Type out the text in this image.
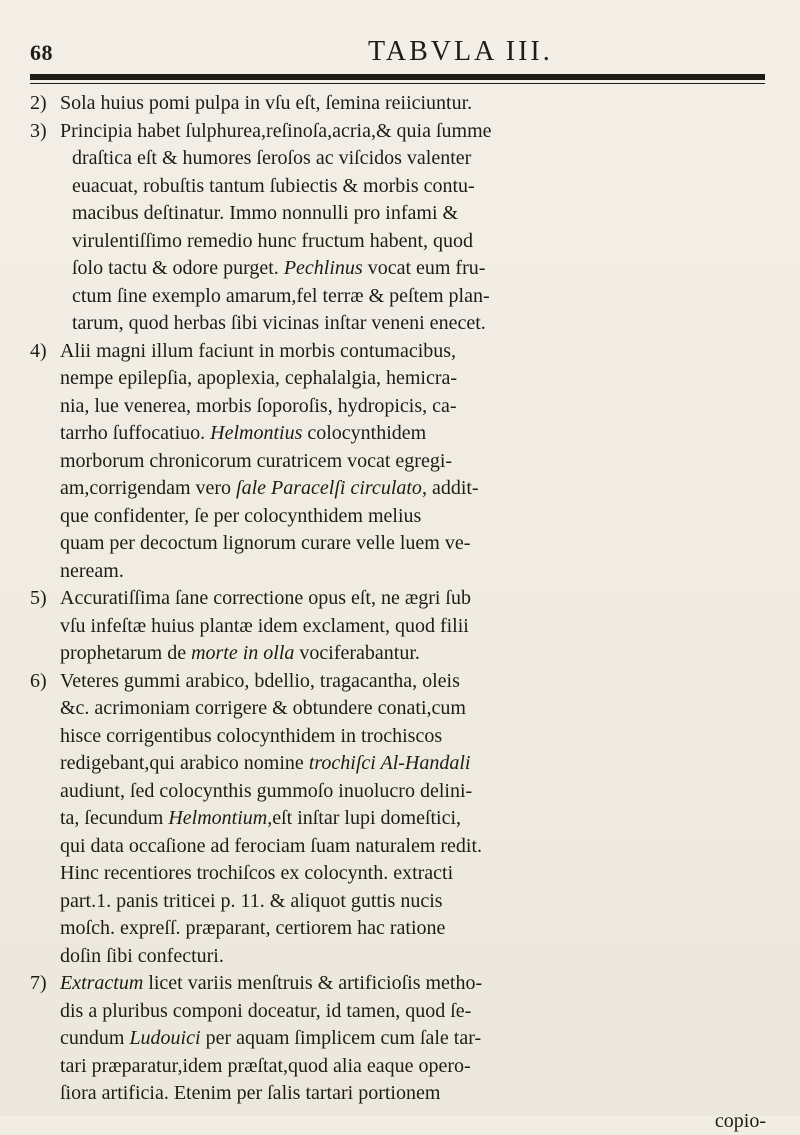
68	TABVLA III.

2) Sola huius pomi pulpa in vſu eſt, ſemina reiiciuntur.

3) Principia habet ſulphurea,reſinoſa,acria,& quia ſumme
draſtica eſt & humores ſeroſos ac viſcidos valenter
euacuat, robuſtis tantum ſubiectis & morbis contu-
macibus deſtinatur. Immo nonnulli pro infami &
virulentiſſimo remedio hunc fructum habent, quod
ſolo tactu & odore purget. Pechlinus vocat eum fru-
ctum ſine exemplo amarum,fel terræ & peſtem plan-
tarum, quod herbas ſibi vicinas inſtar veneni enecet.

4) Alii magni illum faciunt in morbis contumacibus,
nempe epilepſia, apoplexia, cephalalgia, hemicra-
nia, lue venerea, morbis ſoporoſis, hydropicis, ca-
tarrho ſuffocatiuo. Helmontius colocynthidem
morborum chronicorum curatricem vocat egregi-
am,corrigendam vero ſale Paracelſi circulato, addit-
que confidenter, ſe per colocynthidem melius
quam per decoctum lignorum curare velle luem ve-
neream.

5) Accuratiſſima ſane correctione opus eſt, ne ægri ſub
vſu infeſtæ huius plantæ idem exclament, quod filii
prophetarum de morte in olla vociferabantur.

6) Veteres gummi arabico, bdellio, tragacantha, oleis
&c. acrimoniam corrigere & obtundere conati,cum
hisce corrigentibus colocynthidem in trochiscos
redigebant,qui arabico nomine trochiſci Al-Handali
audiunt, ſed colocynthis gummoſo inuolucro delini-
ta, ſecundum Helmontium,eſt inſtar lupi domeſtici,
qui data occaſione ad ferociam ſuam naturalem redit.
Hinc recentiores trochiſcos ex colocynth. extracti
part.1. panis triticei p. 11. & aliquot guttis nucis
moſch. expreſſ. præparant, certiorem hac ratione
doſin ſibi confecturi.

7) Extractum licet variis menſtruis & artificioſis metho-
dis a pluribus componi doceatur, id tamen, quod ſe-
cundum Ludouici per aquam ſimplicem cum ſale tar-
tari præparatur,idem præſtat,quod alia eaque opero-
ſiora artificia. Etenim per ſalis tartari portionem
copio-
